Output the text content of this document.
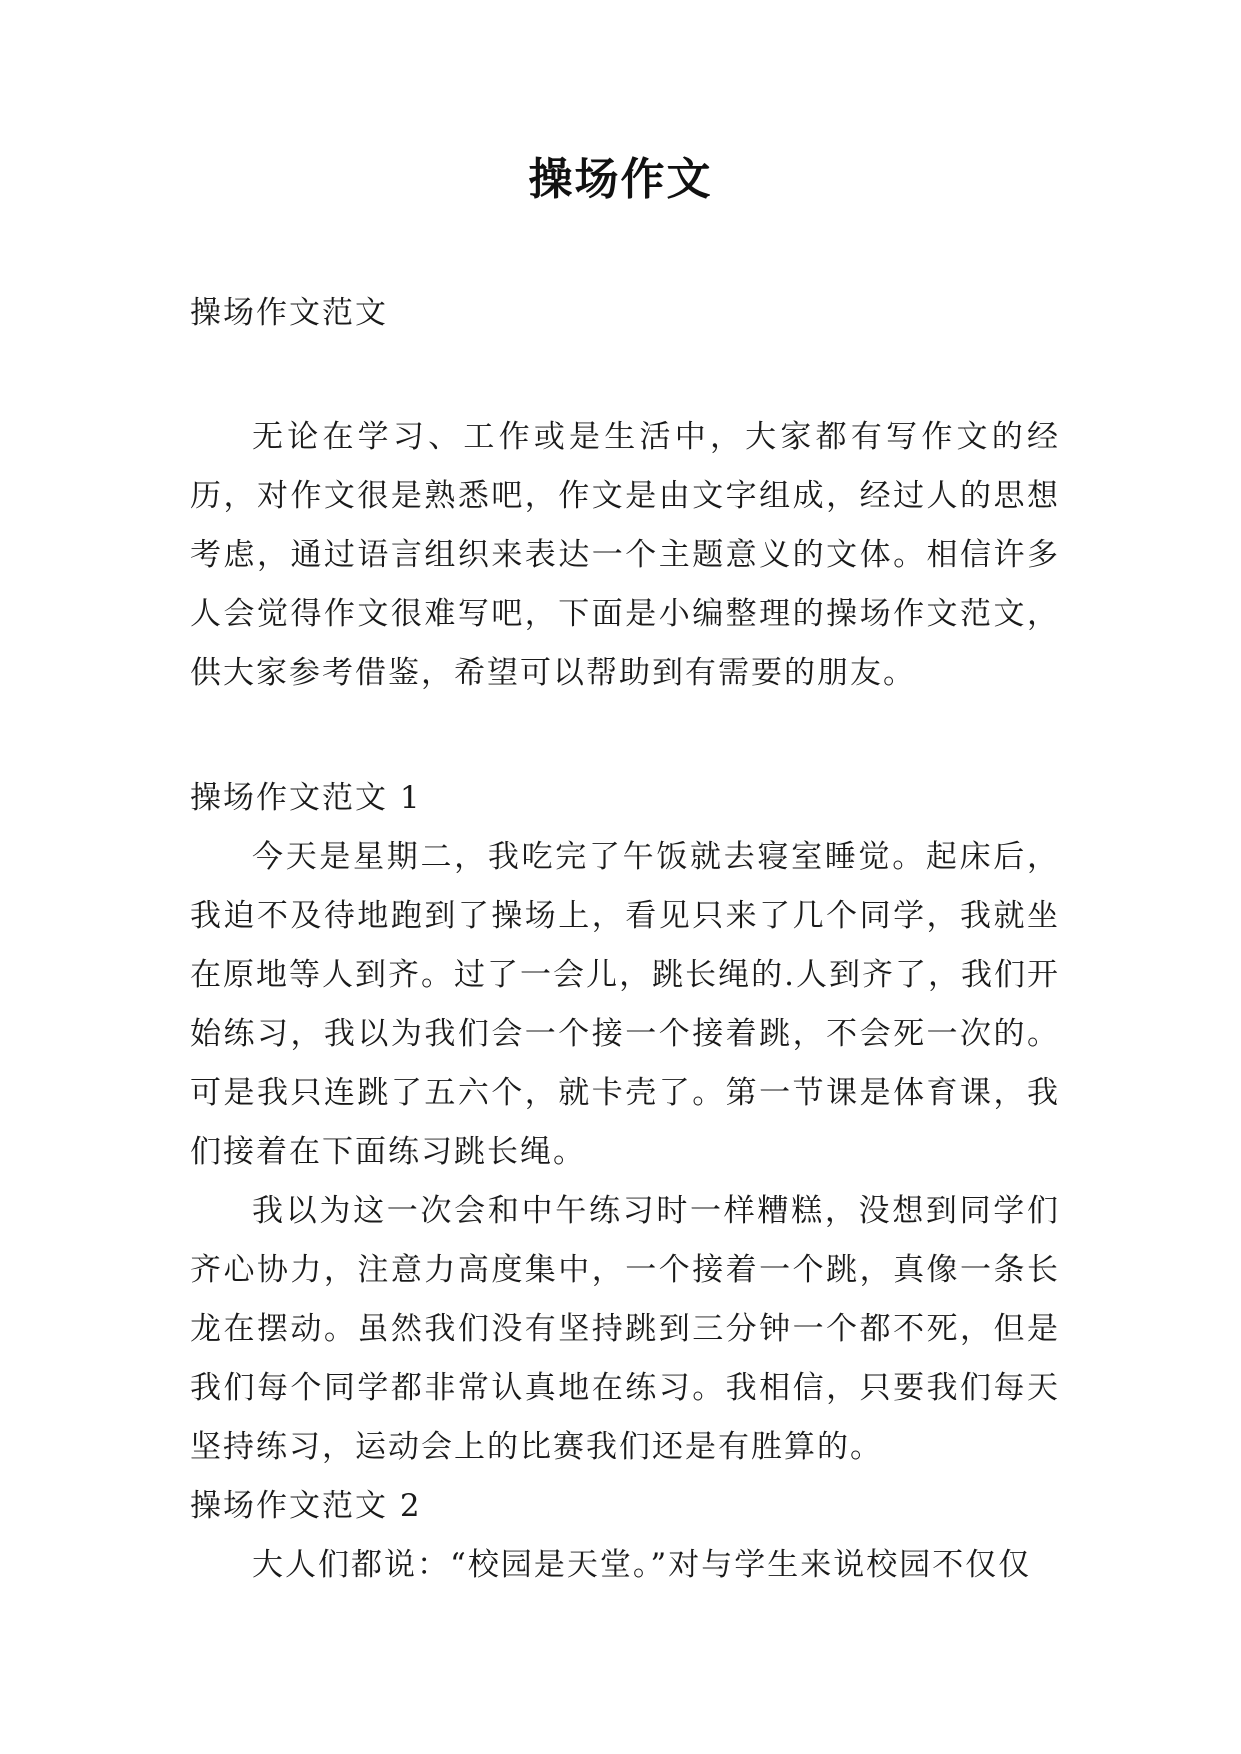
操场作文

操场作文范文

无论在学习、工作或是生活中，大家都有写作文的经历，对作文很是熟悉吧，作文是由文字组成，经过人的思想考虑，通过语言组织来表达一个主题意义的文体。相信许多人会觉得作文很难写吧，下面是小编整理的操场作文范文，供大家参考借鉴，希望可以帮助到有需要的朋友。

操场作文范文 1

今天是星期二，我吃完了午饭就去寝室睡觉。起床后，我迫不及待地跑到了操场上，看见只来了几个同学，我就坐在原地等人到齐。过了一会儿，跳长绳的.人到齐了，我们开始练习，我以为我们会一个接一个接着跳，不会死一次的。可是我只连跳了五六个，就卡壳了。第一节课是体育课，我们接着在下面练习跳长绳。

我以为这一次会和中午练习时一样糟糕，没想到同学们齐心协力，注意力高度集中，一个接着一个跳，真像一条长龙在摆动。虽然我们没有坚持跳到三分钟一个都不死，但是我们每个同学都非常认真地在练习。我相信，只要我们每天坚持练习，运动会上的比赛我们还是有胜算的。

操场作文范文 2

大人们都说：“校园是天堂。”对与学生来说校园不仅仅
